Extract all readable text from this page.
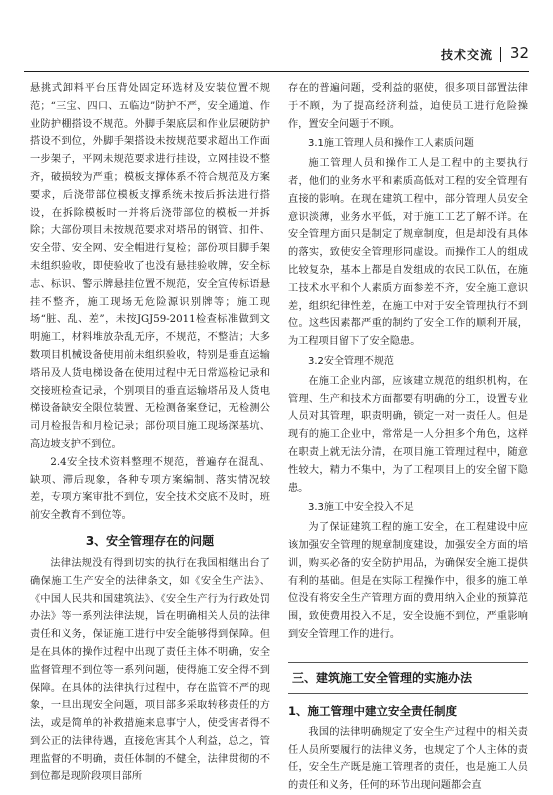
技术交流 32

悬挑式卸料平台压背处固定环选材及安装位置不规范；“三宝、四口、五临边”防护不严，安全通道、作业防护棚搭设不规范。外脚手架底层和作业层硬防护搭设不到位，外脚手架搭设未按规范要求超出工作面一步架子，平网未规范要求进行挂设，立网挂设不整齐，破损较为严重；模板支撑体系不符合规范及方案要求，后浇带部位模板支撑系统未按后拆法进行搭设，在拆除模板时一并将后浇带部位的模板一并拆除；大部份项目未按规范要求对塔吊的钢管、扣件、安全带、安全网、安全帽进行复检；部份项目脚手架未组织验收，即使验收了也没有悬挂验收牌，安全标志、标识、警示牌悬挂位置不规范，安全宣传标语悬挂不整齐，施工现场无危险源识别牌等；施工现场“脏、乱、差”，未按JGJ59-2011检查标准做到文明施工，材料堆放杂乱无序，不规范，不整洁；大多数项目机械设备使用前未组织验收，特别是垂直运输塔吊及人货电梯设备在使用过程中无日常巡检记录和交接班检查记录，个别项目的垂直运输塔吊及人货电梯设备缺安全限位装置、无检测备案登记，无检测公司月检报告和月检记录；部份项目施工现场深基坑、高边坡支护不到位。

2.4安全技术资料整理不规范，普遍存在混乱、缺项、滞后现象，各种专项方案编制、落实情况较差，专项方案审批不到位，安全技术交底不及时，班前安全教育不到位等。

3、安全管理存在的问题

法律法规没有得到切实的执行在我国相继出台了确保施工生产安全的法律条文，如《安全生产法》、《中国人民共和国建筑法》、《安全生产行为行政处罚办法》等一系列法律法规，旨在明确相关人员的法律责任和义务，保证施工进行中安全能够得到保障。但是在具体的操作过程中出现了责任主体不明确，安全监督管理不到位等一系列问题，使得施工安全得不到保障。在具体的法律执行过程中，存在监管不严的现象，一旦出现安全问题，项目部多采取转移责任的方法，或是简单的补救措施来息事宁人，使受害者得不到公正的法律待遇，直接危害其个人利益，总之，管理监督的不明确，责任体制的不健全，法律贯彻的不到位都是现阶段项目部所

存在的普遍问题，受利益的驱使，很多项目部置法律于不顾，为了提高经济利益，迫使员工进行危险操作，置安全问题于不顾。

3.1施工管理人员和操作工人素质问题

施工管理人员和操作工人是工程中的主要执行者，他们的业务水平和素质高低对工程的安全管理有直接的影响。在现在建筑工程中，部分管理人员安全意识淡薄，业务水平低，对于施工工艺了解不详。在安全管理方面只是制定了规章制度，但是却没有具体的落实，致使安全管理形同虚设。而操作工人的组成比较复杂，基本上都是自发组成的农民工队伍，在施工技术水平和个人素质方面参差不齐，安全施工意识差，组织纪律性差，在施工中对于安全管理执行不到位。这些因素都严重的制约了安全工作的顺利开展，为工程项目留下了安全隐患。

3.2安全管理不规范

在施工企业内部，应该建立规范的组织机构，在管理、生产和技术方面都要有明确的分工，设置专业人员对其管理，职责明确，锁定一对一责任人。但是现有的施工企业中，常常是一人分担多个角色，这样在职责上就无法分清，在项目施工管理过程中，随意性较大，精力不集中，为了工程项目上的安全留下隐患。

3.3施工中安全投入不足

为了保证建筑工程的施工安全，在工程建设中应该加强安全管理的规章制度建设，加强安全方面的培训，购买必备的安全防护用品，为确保安全施工提供有利的基础。但是在实际工程操作中，很多的施工单位没有将安全生产管理方面的费用纳入企业的预算范围，致使费用投入不足，安全设施不到位，严重影响到安全管理工作的进行。

三、建筑施工安全管理的实施办法
1、施工管理中建立安全责任制度

我国的法律明确规定了安全生产过程中的相关责任人员所要履行的法律义务，也规定了个人主体的责任，安全生产既是施工管理者的责任，也是施工人员的责任和义务，任何的环节出现问题都会直
